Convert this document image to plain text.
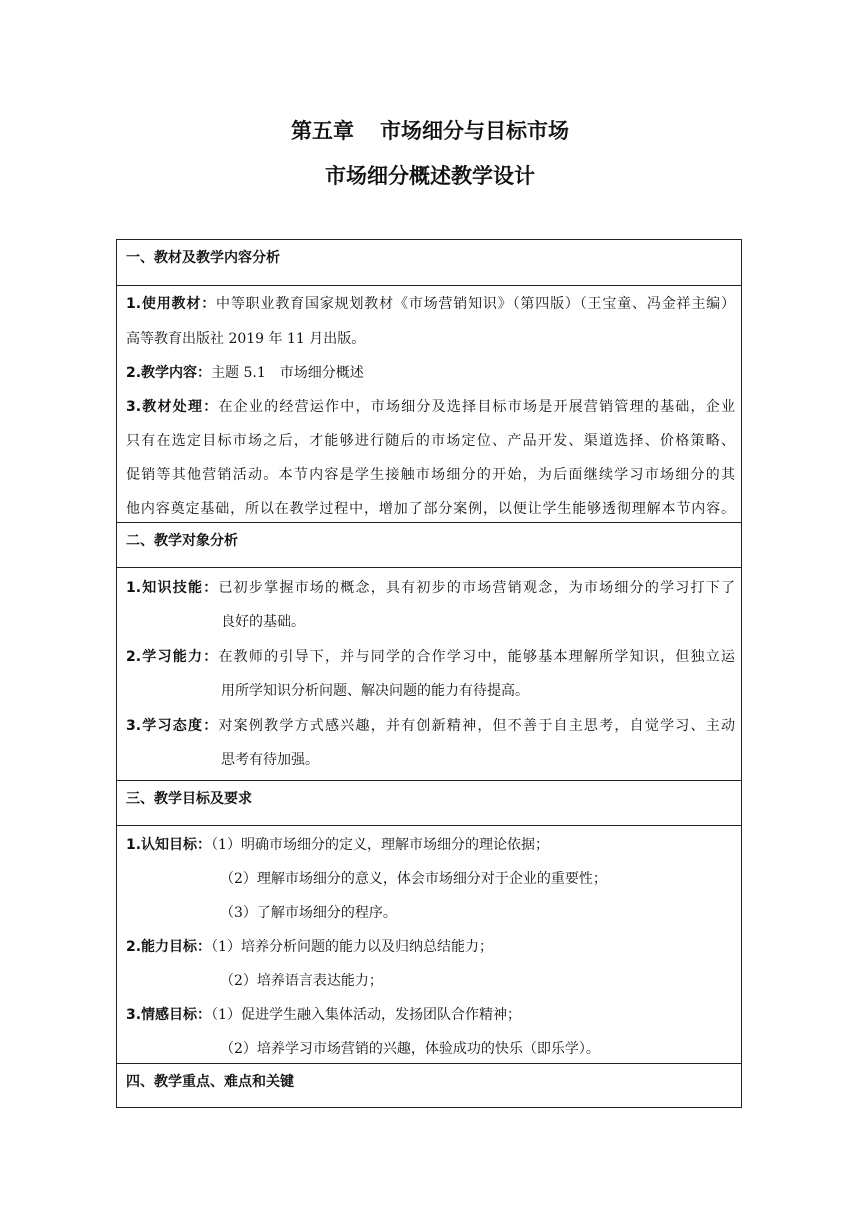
第五章 市场细分与目标市场
市场细分概述教学设计
一、教材及教学内容分析
1.使用教材：中等职业教育国家规划教材《市场营销知识》（第四版）（王宝童、冯金祥主编）
高等教育出版社 2019 年 11 月出版。
2.教学内容：主题 5.1　市场细分概述
3.教材处理：在企业的经营运作中，市场细分及选择目标市场是开展营销管理的基础，企业
只有在选定目标市场之后，才能够进行随后的市场定位、产品开发、渠道选择、价格策略、
促销等其他营销活动。本节内容是学生接触市场细分的开始，为后面继续学习市场细分的其
他内容奠定基础，所以在教学过程中，增加了部分案例，以便让学生能够透彻理解本节内容。
二、教学对象分析
1.知识技能：已初步掌握市场的概念，具有初步的市场营销观念，为市场细分的学习打下了
良好的基础。
2.学习能力：在教师的引导下，并与同学的合作学习中，能够基本理解所学知识，但独立运
用所学知识分析问题、解决问题的能力有待提高。
3.学习态度：对案例教学方式感兴趣，并有创新精神，但不善于自主思考，自觉学习、主动
思考有待加强。
三、教学目标及要求
1.认知目标：（1）明确市场细分的定义，理解市场细分的理论依据；
（2）理解市场细分的意义，体会市场细分对于企业的重要性；
（3）了解市场细分的程序。
2.能力目标：（1）培养分析问题的能力以及归纳总结能力；
（2）培养语言表达能力；
3.情感目标：（1）促进学生融入集体活动，发扬团队合作精神；
（2）培养学习市场营销的兴趣，体验成功的快乐（即乐学）。
四、教学重点、难点和关键
